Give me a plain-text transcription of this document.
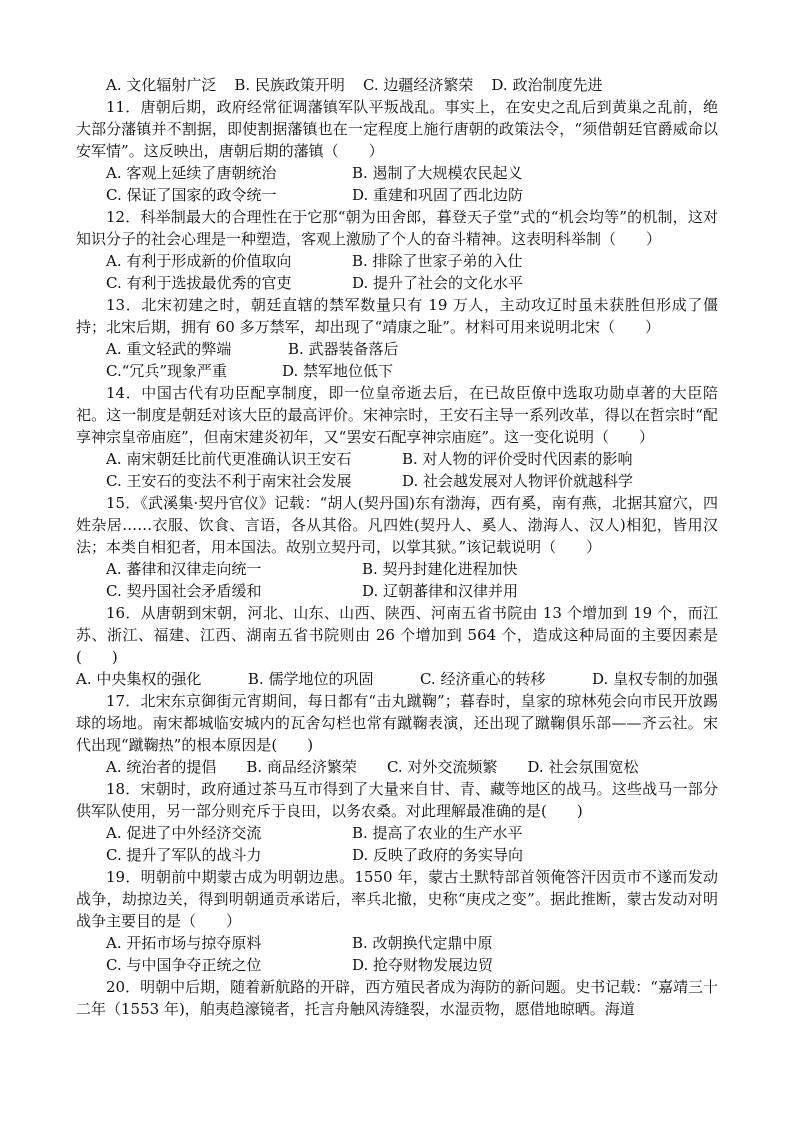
A. 文化辐射广泛 B. 民族政策开明 C. 边疆经济繁荣 D. 政治制度先进
11．唐朝后期，政府经常征调藩镇军队平叛战乱。事实上，在安史之乱后到黄巢之乱前，绝大部分藩镇并不割据，即使割据藩镇也在一定程度上施行唐朝的政策法令，“须借朝廷官爵威命以安军情”。这反映出，唐朝后期的藩镇（　　）
A. 客观上延续了唐朝统治	B. 遏制了大规模农民起义
C. 保证了国家的政令统一	D. 重建和巩固了西北边防
12．科举制最大的合理性在于它那“朝为田舍郎，暮登天子堂”式的“机会均等”的机制，这对知识分子的社会心理是一种塑造，客观上激励了个人的奋斗精神。这表明科举制（　　）
A. 有利于形成新的价值取向	B. 排除了世家子弟的入仕
C. 有利于选拔最优秀的官吏	D. 提升了社会的文化水平
13．北宋初建之时，朝廷直辖的禁军数量只有 19 万人，主动攻辽时虽未获胜但形成了僵持；北宋后期，拥有 60 多万禁军，却出现了“靖康之耻”。材料可用来说明北宋（　　）
A. 重文轻武的弊端	B. 武器装备落后
C.“冗兵”现象严重	D. 禁军地位低下
14．中国古代有功臣配享制度，即一位皇帝逝去后，在已故臣僚中选取功勋卓著的大臣陪祀。这一制度是朝廷对该大臣的最高评价。宋神宗时，王安石主导一系列改革，得以在哲宗时“配享神宗皇帝庙庭”，但南宋建炎初年，又“罢安石配享神宗庙庭”。这一变化说明（　　）
A. 南宋朝廷比前代更准确认识王安石	B. 对人物的评价受时代因素的影响
C. 王安石的变法不利于南宋社会发展	D. 社会越发展对人物评价就越科学
15．《武溪集·契丹官仪》记载：“胡人(契丹国)东有渤海，西有奚，南有燕，北据其窟穴，四姓杂居……衣服、饮食、言语，各从其俗。凡四姓(契丹人、奚人、渤海人、汉人)相犯，皆用汉法；本类自相犯者，用本国法。故别立契丹司，以掌其狱。”该记载说明（　　）
A. 蕃律和汉律走向统一	B. 契丹封建化进程加快
C. 契丹国社会矛盾缓和	D. 辽朝蕃律和汉律并用
16．从唐朝到宋朝，河北、山东、山西、陕西、河南五省书院由 13 个增加到 19 个，而江苏、浙江、福建、江西、湖南五省书院则由 26 个增加到 564 个，造成这种局面的主要因素是(　　)
A. 中央集权的强化	B. 儒学地位的巩固	C. 经济重心的转移	D. 皇权专制的加强
17．北宋东京御街元宵期间，每日都有“击丸蹴鞠”；暮春时，皇家的琼林苑会向市民开放踢球的场地。南宋都城临安城内的瓦舍勾栏也常有蹴鞠表演，还出现了蹴鞠俱乐部——齐云社。宋代出现“蹴鞠热”的根本原因是(　　)
A. 统治者的提倡 B. 商品经济繁荣 C. 对外交流频繁 D. 社会氛围宽松
18．宋朝时，政府通过茶马互市得到了大量来自甘、青、藏等地区的战马。这些战马一部分供军队使用，另一部分则充斥于良田，以务农桑。对此理解最准确的是(　　)
A. 促进了中外经济交流	B. 提高了农业的生产水平
C. 提升了军队的战斗力	D. 反映了政府的务实导向
19．明朝前中期蒙古成为明朝边患。1550 年，蒙古土默特部首领俺答汗因贡市不遂而发动战争，劫掠边关，得到明朝通贡承诺后，率兵北撤，史称“庚戌之变”。据此推断，蒙古发动对明战争主要目的是（　　）
A. 开拓市场与掠夺原料	B. 改朝换代定鼎中原
C. 与中国争夺正统之位	D. 抢夺财物发展边贸
20．明朝中后期，随着新航路的开辟，西方殖民者成为海防的新问题。史书记载：“嘉靖三十二年（1553 年)，舶夷趋濠镜者，托言舟触风涛缝裂，水湿贡物，愿借地晾晒。海道
